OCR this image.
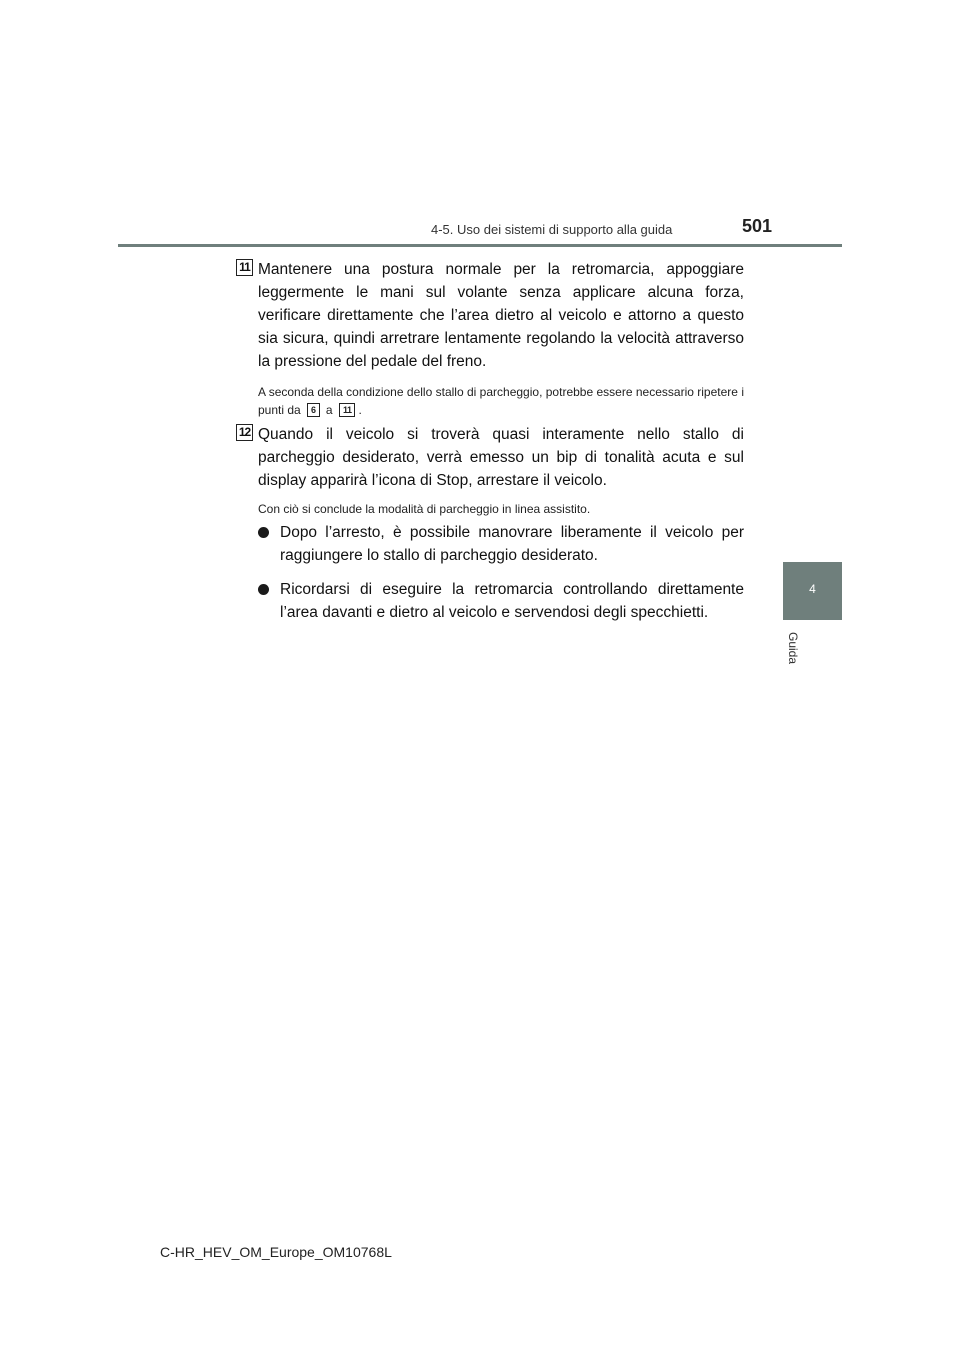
4-5. Uso dei sistemi di supporto alla guida	501
4
Guida
11 Mantenere una postura normale per la retromarcia, appoggiare leggermente le mani sul volante senza applicare alcuna forza, verificare direttamente che l’area dietro al veicolo e attorno a questo sia sicura, quindi arretrare lentamente regolando la velocità attraverso la pressione del pedale del freno.

A seconda della condizione dello stallo di parcheggio, potrebbe essere necessario ripetere i punti da 6 a 11 .

12 Quando il veicolo si troverà quasi interamente nello stallo di parcheggio desiderato, verrà emesso un bip di tonalità acuta e sul display apparirà l’icona di Stop, arrestare il veicolo.

Con ciò si conclude la modalità di parcheggio in linea assistito.

Dopo l’arresto, è possibile manovrare liberamente il veicolo per raggiungere lo stallo di parcheggio desiderato.

Ricordarsi di eseguire la retromarcia controllando direttamente l’area davanti e dietro al veicolo e servendosi degli specchietti.

C-HR_HEV_OM_Europe_OM10768L
